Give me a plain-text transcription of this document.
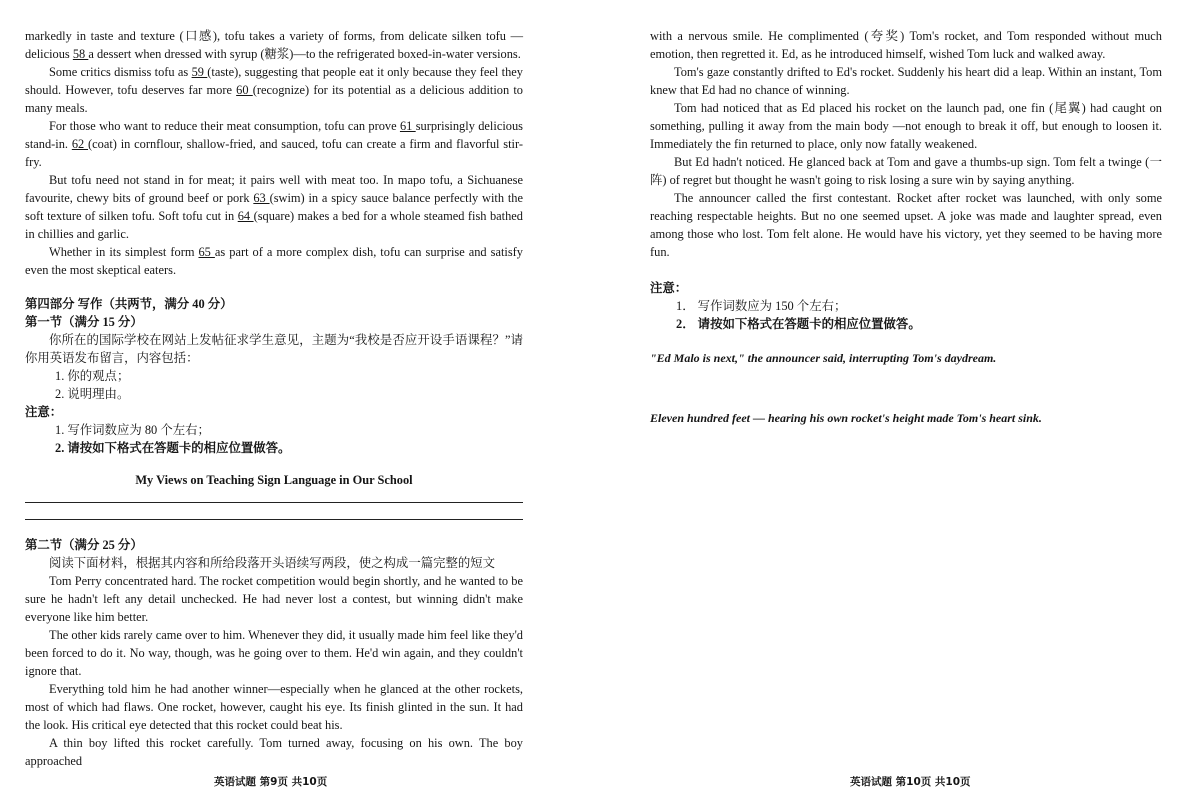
markedly in taste and texture (口感), tofu takes a variety of forms, from delicate silken tofu — delicious 58 a dessert when dressed with syrup (糖浆)—to the refrigerated boxed-in-water versions.

Some critics dismiss tofu as 59 (taste), suggesting that people eat it only because they feel they should. However, tofu deserves far more 60 (recognize) for its potential as a delicious addition to many meals.

For those who want to reduce their meat consumption, tofu can prove 61 surprisingly delicious stand-in. 62 (coat) in cornflour, shallow-fried, and sauced, tofu can create a firm and flavorful stir-fry.

But tofu need not stand in for meat; it pairs well with meat too. In mapo tofu, a Sichuanese favourite, chewy bits of ground beef or pork 63 (swim) in a spicy sauce balance perfectly with the soft texture of silken tofu. Soft tofu cut in 64 (square) makes a bed for a whole steamed fish bathed in chillies and garlic.

Whether in its simplest form 65 as part of a more complex dish, tofu can surprise and satisfy even the most skeptical eaters.

第四部分 写作（共两节，满分 40 分）
第一节（满分 15 分）

你所在的国际学校在网站上发帖征求学生意见，主题为“我校是否应开设手语课程？”请你用英语发布留言，内容包括：

1. 你的观点；
2. 说明理由。
注意：
1. 写作词数应为 80 个左右；
2. 请按如下格式在答题卡的相应位置做答。
My Views on Teaching Sign Language in Our School
第二节（满分 25 分）

阅读下面材料，根据其内容和所给段落开头语续写两段，使之构成一篇完整的短文

Tom Perry concentrated hard. The rocket competition would begin shortly, and he wanted to be sure he hadn't left any detail unchecked. He had never lost a contest, but winning didn't make everyone like him better.

The other kids rarely came over to him. Whenever they did, it usually made him feel like they'd been forced to do it. No way, though, was he going over to them. He'd win again, and they couldn't ignore that.

Everything told him he had another winner—especially when he glanced at the other rockets, most of which had flaws. One rocket, however, caught his eye. Its finish glinted in the sun. It had the look. His critical eye detected that this rocket could beat his.

A thin boy lifted this rocket carefully. Tom turned away, focusing on his own. The boy approached

英语试题 第9页 共10页

with a nervous smile. He complimented (夸奖) Tom's rocket, and Tom responded without much emotion, then regretted it. Ed, as he introduced himself, wished Tom luck and walked away.

Tom's gaze constantly drifted to Ed's rocket. Suddenly his heart did a leap. Within an instant, Tom knew that Ed had no chance of winning.

Tom had noticed that as Ed placed his rocket on the launch pad, one fin (尾翼) had caught on something, pulling it away from the main body —not enough to break it off, but enough to loosen it. Immediately the fin returned to place, only now fatally weakened.

But Ed hadn't noticed. He glanced back at Tom and gave a thumbs-up sign. Tom felt a twinge (一阵) of regret but thought he wasn't going to risk losing a sure win by saying anything.

The announcer called the first contestant. Rocket after rocket was launched, with only some reaching respectable heights. But no one seemed upset. A joke was made and laughter spread, even among those who lost. Tom felt alone. He would have his victory, yet they seemed to be having more fun.

注意：
1． 写作词数应为 150 个左右；
2． 请按如下格式在答题卡的相应位置做答。
"Ed Malo is next," the announcer said, interrupting Tom's daydream.
Eleven hundred feet — hearing his own rocket's height made Tom's heart sink.
英语试题 第10页 共10页
